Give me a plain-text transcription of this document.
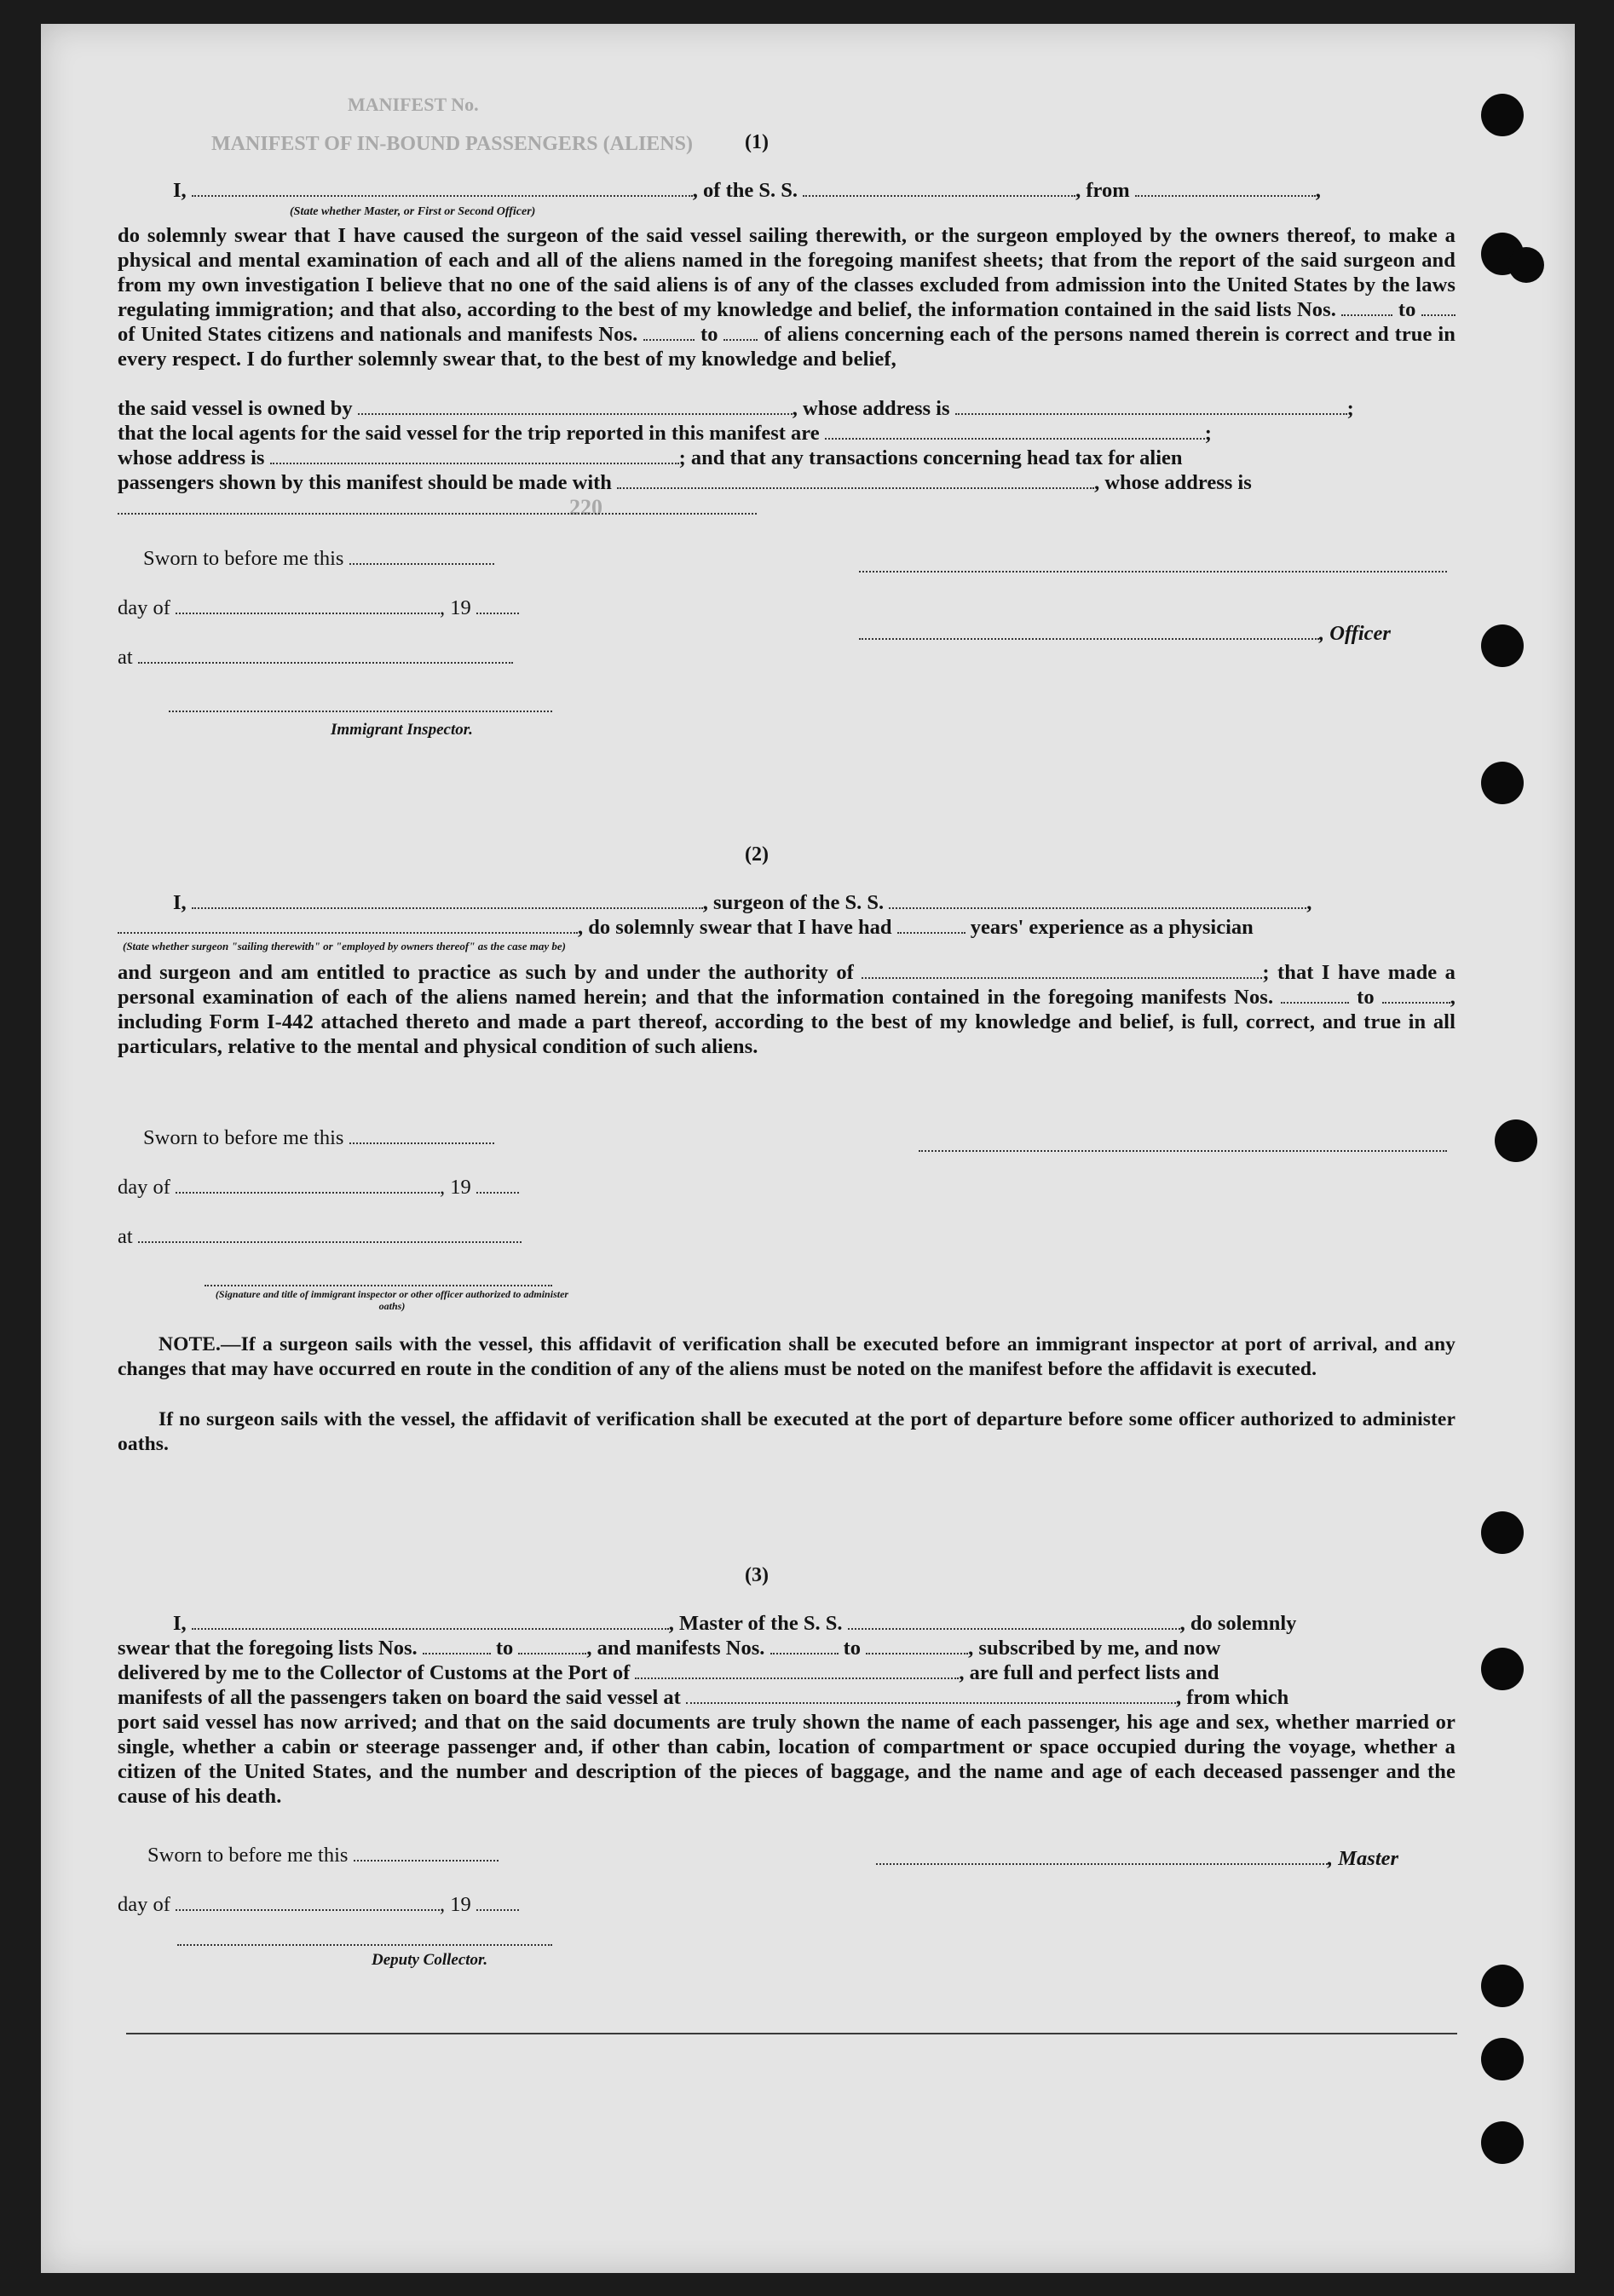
MANIFEST No.
MANIFEST OF IN-BOUND PASSENGERS (ALIENS)
220
(1)
I,	, of the S. S.	, from	,
(State whether Master, or First or Second Officer)
do solemnly swear that I have caused the surgeon of the said vessel sailing therewith, or the surgeon employed by the owners thereof, to make a physical and mental examination of each and all of the aliens named in the foregoing manifest sheets; that from the report of the said surgeon and from my own investigation I believe that no one of the said aliens is of any of the classes excluded from admission into the United States by the laws regulating immigration; and that also, according to the best of my knowledge and belief, the information contained in the said lists Nos.	to  of United States citizens and nationals and manifests Nos.	to of aliens concerning each of the persons named therein is correct and true in every respect. I do further solemnly swear that, to the best of my knowledge and belief,
the said vessel is owned by	, whose address is	;
that the local agents for the said vessel for the trip reported in this manifest are	;
whose address is	; and that any transactions concerning head tax for alien
passengers shown by this manifest should be made with	, whose address is
Sworn to before me this
day of	, 19
, Officer
at
Immigrant Inspector.
(2)
I,	, surgeon of the S. S.	,
, do solemnly swear that I have had	years' experience as a physician
(State whether surgeon "sailing therewith" or "employed by owners thereof" as the case may be)
and surgeon and am entitled to practice as such by and under the authority of	; that I have made a personal examination of each of the aliens named herein; and that the information contained in the foregoing manifests Nos.	to	, including Form I-442 attached thereto and made a part thereof, according to the best of my knowledge and belief, is full, correct, and true in all particulars, relative to the mental and physical condition of such aliens.
Sworn to before me this
day of	, 19
at
(Signature and title of immigrant inspector or other officer authorized to administer oaths)
NOTE.—If a surgeon sails with the vessel, this affidavit of verification shall be executed before an immigrant inspector at port of arrival, and any changes that may have occurred en route in the condition of any of the aliens must be noted on the manifest before the affidavit is executed.
If no surgeon sails with the vessel, the affidavit of verification shall be executed at the port of departure before some officer authorized to administer oaths.
(3)
I,	, Master of the S. S.	, do solemnly
swear that the foregoing lists Nos.	to	, and manifests Nos.	to	, subscribed by me, and now
delivered by me to the Collector of Customs at the Port of	, are full and perfect lists and
manifests of all the passengers taken on board the said vessel at	, from which
port said vessel has now arrived; and that on the said documents are truly shown the name of each passenger, his age and sex, whether married or single, whether a cabin or steerage passenger and, if other than cabin, location of compartment or space occupied during the voyage, whether a citizen of the United States, and the number and description of the pieces of baggage, and the name and age of each deceased passenger and the cause of his death.
Sworn to before me this	, Master
day of	, 19
Deputy Collector.
